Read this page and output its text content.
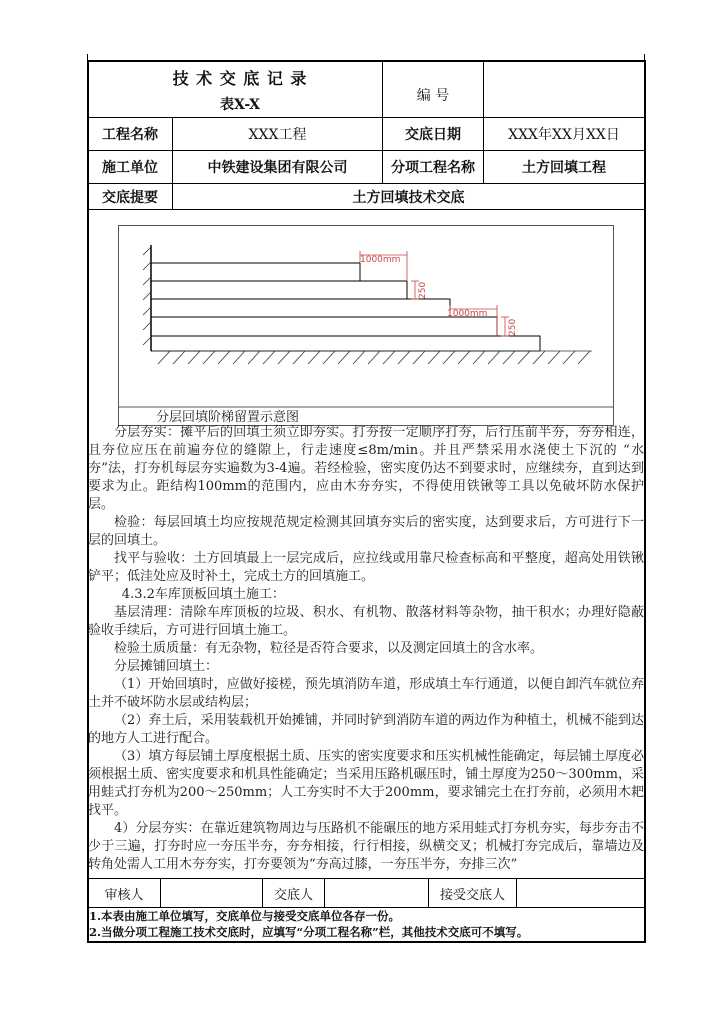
技 术 交 底 记 录
表X-X
编 号
工程名称	XXX工程	交底日期	XXX年XX月XX日
施工单位	中铁建设集团有限公司	分项工程名称	土方回填工程
交底提要	土方回填技术交底
1000mm
1000mm
250
250
分层回填阶梯留置示意图

分层夯实：摊平后的回填土须立即夯实。打夯按一定顺序打夯，后行压前半夯，夯夯相连，且夯位应压在前遍夯位的缝隙上，行走速度≤8m/min。并且严禁采用水浇使土下沉的 “水夯”法，打夯机每层夯实遍数为3-4遍。若经检验，密实度仍达不到要求时，应继续夯，直到达到要求为止。距结构100mm的范围内，应由木夯夯实，不得使用铁锹等工具以免破坏防水保护层。

检验：每层回填土均应按规范规定检测其回填夯实后的密实度，达到要求后，方可进行下一层的回填土。

找平与验收：土方回填最上一层完成后，应拉线或用靠尺检查标高和平整度，超高处用铁锹铲平；低洼处应及时补土，完成土方的回填施工。

4.3.2车库顶板回填土施工：

基层清理：清除车库顶板的垃圾、积水、有机物、散落材料等杂物，抽干积水；办理好隐蔽验收手续后，方可进行回填土施工。

检验土质质量：有无杂物，粒径是否符合要求，以及测定回填土的含水率。

分层摊铺回填土：

（1）开始回填时，应做好接槎，预先填消防车道，形成填土车行通道，以便自卸汽车就位弃土并不破坏防水层或结构层；

（2）弃土后，采用装载机开始摊铺，并同时铲到消防车道的两边作为种植土，机械不能到达的地方人工进行配合。

（3）填方每层铺土厚度根据土质、压实的密实度要求和压实机械性能确定，每层铺土厚度必须根据土质、密实度要求和机具性能确定；当采用压路机碾压时，铺土厚度为250～300mm，采用蛙式打夯机为200～250mm；人工夯实时不大于200mm，要求铺完土在打夯前，必须用木耙找平。

4）分层夯实：在靠近建筑物周边与压路机不能碾压的地方采用蛙式打夯机夯实，每步夯击不少于三遍，打夯时应一夯压半夯，夯夯相接，行行相接，纵横交叉；机械打夯完成后，靠墙边及转角处需人工用木夯夯实，打夯要领为“夯高过膝，一夯压半夯，夯排三次”

审核人	交底人	接受交底人
1.本表由施工单位填写，交底单位与接受交底单位各存一份。
2.当做分项工程施工技术交底时，应填写“分项工程名称”栏，其他技术交底可不填写。
